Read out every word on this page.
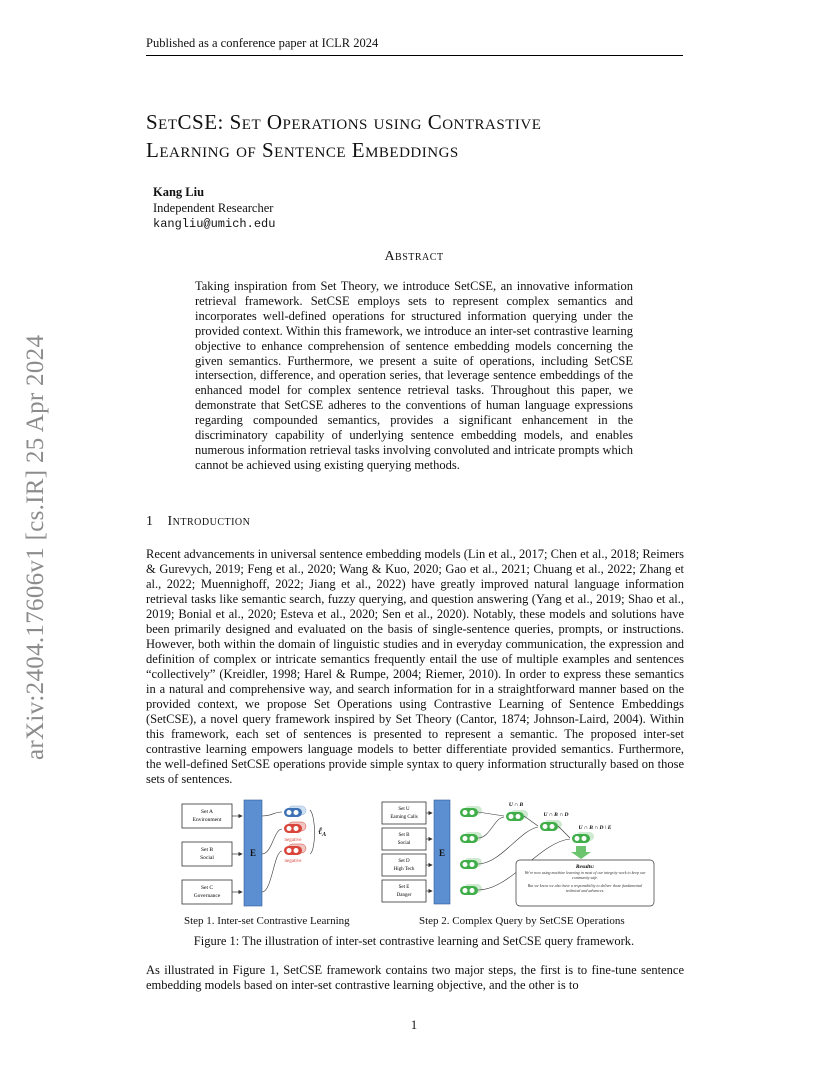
Published as a conference paper at ICLR 2024
arXiv:2404.17606v1 [cs.IR] 25 Apr 2024
SetCSE: Set Operations using Contrastive
Learning of Sentence Embeddings
Kang Liu
Independent Researcher
kangliu@umich.edu
Abstract
Taking inspiration from Set Theory, we introduce SetCSE, an innovative information retrieval framework. SetCSE employs sets to represent complex semantics and incorporates well-defined operations for structured information querying under the provided context. Within this framework, we introduce an inter-set contrastive learning objective to enhance comprehension of sentence embedding models concerning the given semantics. Furthermore, we present a suite of operations, including SetCSE intersection, difference, and operation series, that leverage sentence embeddings of the enhanced model for complex sentence retrieval tasks. Throughout this paper, we demonstrate that SetCSE adheres to the conventions of human language expressions regarding compounded semantics, provides a significant enhancement in the discriminatory capability of underlying sentence embedding models, and enables numerous information retrieval tasks involving convoluted and intricate prompts which cannot be achieved using existing querying methods.
1 Introduction
Recent advancements in universal sentence embedding models (Lin et al., 2017; Chen et al., 2018; Reimers & Gurevych, 2019; Feng et al., 2020; Wang & Kuo, 2020; Gao et al., 2021; Chuang et al., 2022; Zhang et al., 2022; Muennighoff, 2022; Jiang et al., 2022) have greatly improved natural language information retrieval tasks like semantic search, fuzzy querying, and question answering (Yang et al., 2019; Shao et al., 2019; Bonial et al., 2020; Esteva et al., 2020; Sen et al., 2020). Notably, these models and solutions have been primarily designed and evaluated on the basis of single-sentence queries, prompts, or instructions. However, both within the domain of linguistic studies and in everyday communication, the expression and definition of complex or intricate semantics frequently entail the use of multiple examples and sentences “collectively” (Kreidler, 1998; Harel & Rumpe, 2004; Riemer, 2010). In order to express these semantics in a natural and comprehensive way, and search information for in a straightforward manner based on the provided context, we propose Set Operations using Contrastive Learning of Sentence Embeddings (SetCSE), a novel query framework inspired by Set Theory (Cantor, 1874; Johnson-Laird, 2004). Within this framework, each set of sentences is presented to represent a semantic. The proposed inter-set contrastive learning empowers language models to better differentiate provided semantics. Furthermore, the well-defined SetCSE operations provide simple syntax to query information structurally based on those sets of sentences.
Set A
Environment
Set B
Social
Set C
Governance
E
negative
negative
ℓ$_A$
Set U
Earning Calls
Set B
Social
Set D
High Tech
Set E
Danger
E
U ∩ B
U ∩ B ∩ D
U ∩ B ∩ D \ E
Results:
We're now using machine learning in most of our integrity work to keep our community safe.
But we know we also have a responsibility to deliver those fundamental technical and advances.
Step 1. Inter-set Contrastive Learning	Step 2. Complex Query by SetCSE Operations
Figure 1: The illustration of inter-set contrastive learning and SetCSE query framework.
As illustrated in Figure 1, SetCSE framework contains two major steps, the first is to fine-tune sentence embedding models based on inter-set contrastive learning objective, and the other is to
1
